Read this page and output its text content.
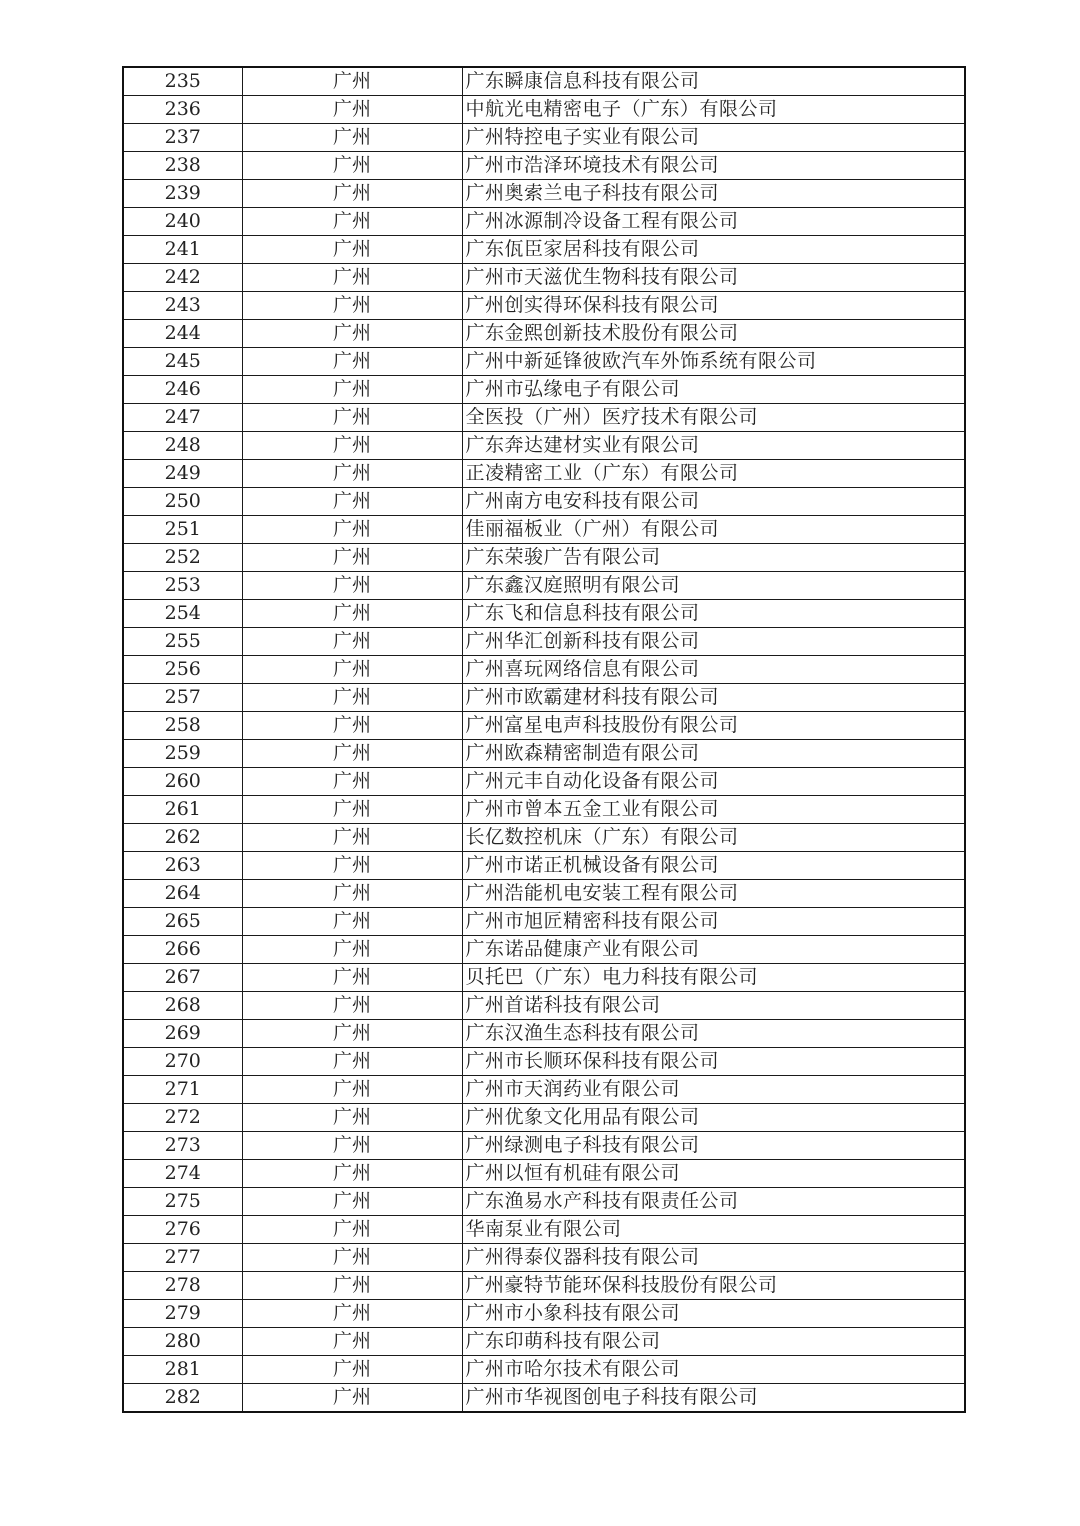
235	广州	广东瞬康信息科技有限公司
236	广州	中航光电精密电子（广东）有限公司
237	广州	广州特控电子实业有限公司
238	广州	广州市浩泽环境技术有限公司
239	广州	广州奥索兰电子科技有限公司
240	广州	广州冰源制冷设备工程有限公司
241	广州	广东佤臣家居科技有限公司
242	广州	广州市天滋优生物科技有限公司
243	广州	广州创实得环保科技有限公司
244	广州	广东金熙创新技术股份有限公司
245	广州	广州中新延锋彼欧汽车外饰系统有限公司
246	广州	广州市弘缘电子有限公司
247	广州	全医投（广州）医疗技术有限公司
248	广州	广东奔达建材实业有限公司
249	广州	正凌精密工业（广东）有限公司
250	广州	广州南方电安科技有限公司
251	广州	佳丽福板业（广州）有限公司
252	广州	广东荣骏广告有限公司
253	广州	广东鑫汉庭照明有限公司
254	广州	广东飞和信息科技有限公司
255	广州	广州华汇创新科技有限公司
256	广州	广州喜玩网络信息有限公司
257	广州	广州市欧霸建材科技有限公司
258	广州	广州富星电声科技股份有限公司
259	广州	广州欧森精密制造有限公司
260	广州	广州元丰自动化设备有限公司
261	广州	广州市曾本五金工业有限公司
262	广州	长亿数控机床（广东）有限公司
263	广州	广州市诺正机械设备有限公司
264	广州	广州浩能机电安装工程有限公司
265	广州	广州市旭匠精密科技有限公司
266	广州	广东诺品健康产业有限公司
267	广州	贝托巴（广东）电力科技有限公司
268	广州	广州首诺科技有限公司
269	广州	广东汉渔生态科技有限公司
270	广州	广州市长顺环保科技有限公司
271	广州	广州市天润药业有限公司
272	广州	广州优象文化用品有限公司
273	广州	广州绿测电子科技有限公司
274	广州	广州以恒有机硅有限公司
275	广州	广东渔易水产科技有限责任公司
276	广州	华南泵业有限公司
277	广州	广州得泰仪器科技有限公司
278	广州	广州豪特节能环保科技股份有限公司
279	广州	广州市小象科技有限公司
280	广州	广东印萌科技有限公司
281	广州	广州市哈尔技术有限公司
282	广州	广州市华视图创电子科技有限公司
